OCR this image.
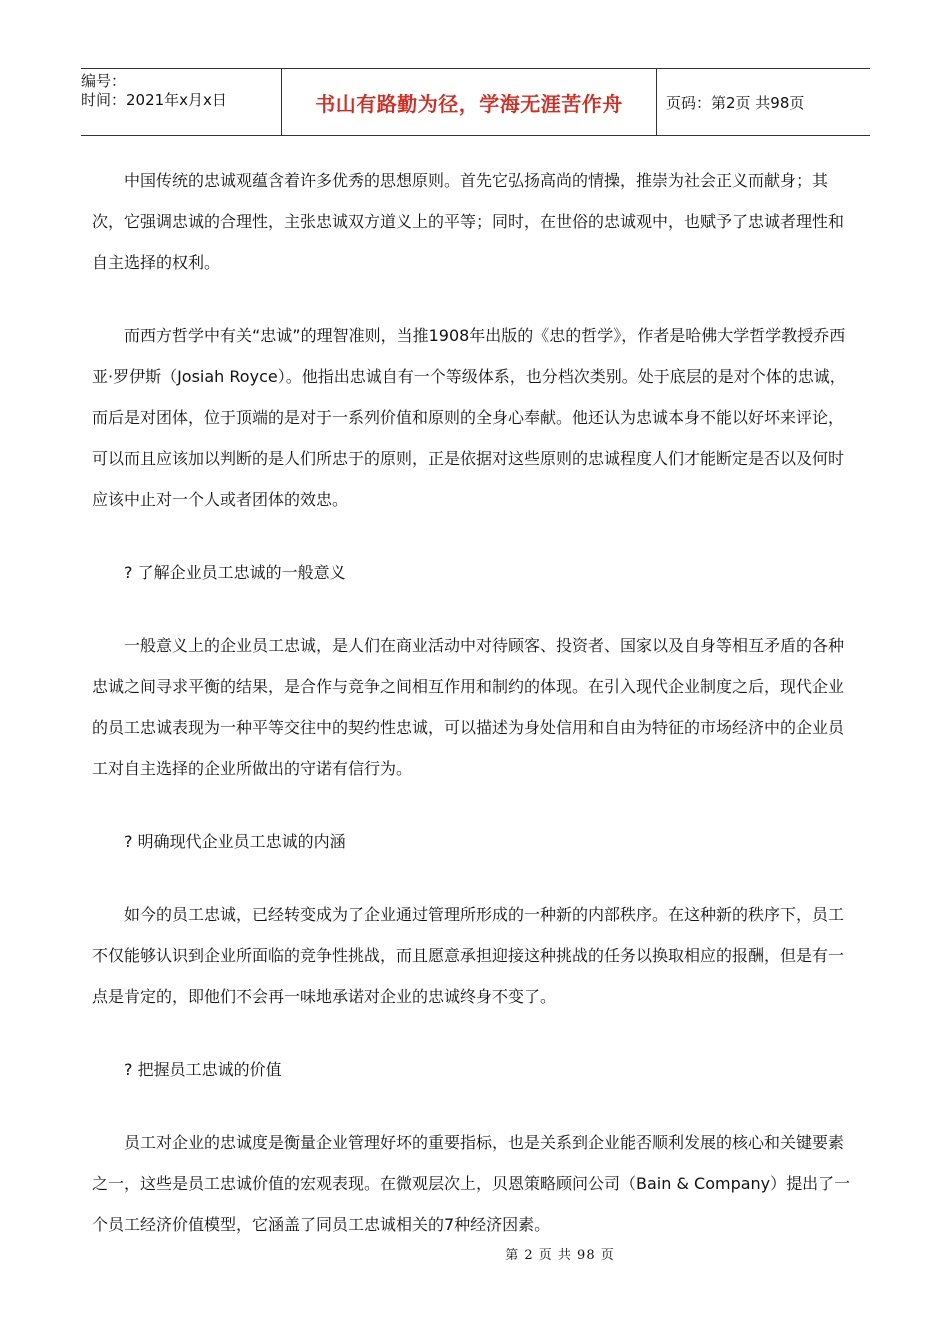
编号：
时间：2021年x月x日	书山有路勤为径，学海无涯苦作舟	页码：第2页 共98页

中国传统的忠诚观蕴含着许多优秀的思想原则。首先它弘扬高尚的情操，推崇为社会正义而献身；其次，它强调忠诚的合理性，主张忠诚双方道义上的平等；同时，在世俗的忠诚观中，也赋予了忠诚者理性和自主选择的权利。

而西方哲学中有关“忠诚”的理智准则，当推1908年出版的《忠的哲学》，作者是哈佛大学哲学教授乔西亚·罗伊斯（Josiah Royce）。他指出忠诚自有一个等级体系，也分档次类别。处于底层的是对个体的忠诚，而后是对团体，位于顶端的是对于一系列价值和原则的全身心奉献。他还认为忠诚本身不能以好坏来评论，可以而且应该加以判断的是人们所忠于的原则，正是依据对这些原则的忠诚程度人们才能断定是否以及何时应该中止对一个人或者团体的效忠。

? 了解企业员工忠诚的一般意义

一般意义上的企业员工忠诚，是人们在商业活动中对待顾客、投资者、国家以及自身等相互矛盾的各种忠诚之间寻求平衡的结果，是合作与竞争之间相互作用和制约的体现。在引入现代企业制度之后，现代企业的员工忠诚表现为一种平等交往中的契约性忠诚，可以描述为身处信用和自由为特征的市场经济中的企业员工对自主选择的企业所做出的守诺有信行为。

? 明确现代企业员工忠诚的内涵

如今的员工忠诚，已经转变成为了企业通过管理所形成的一种新的内部秩序。在这种新的秩序下，员工不仅能够认识到企业所面临的竞争性挑战，而且愿意承担迎接这种挑战的任务以换取相应的报酬，但是有一点是肯定的，即他们不会再一味地承诺对企业的忠诚终身不变了。

? 把握员工忠诚的价值

员工对企业的忠诚度是衡量企业管理好坏的重要指标，也是关系到企业能否顺利发展的核心和关键要素之一，这些是员工忠诚价值的宏观表现。在微观层次上，贝恩策略顾问公司（Bain & Company）提出了一个员工经济价值模型，它涵盖了同员工忠诚相关的7种经济因素。

第 2 页 共 98 页
